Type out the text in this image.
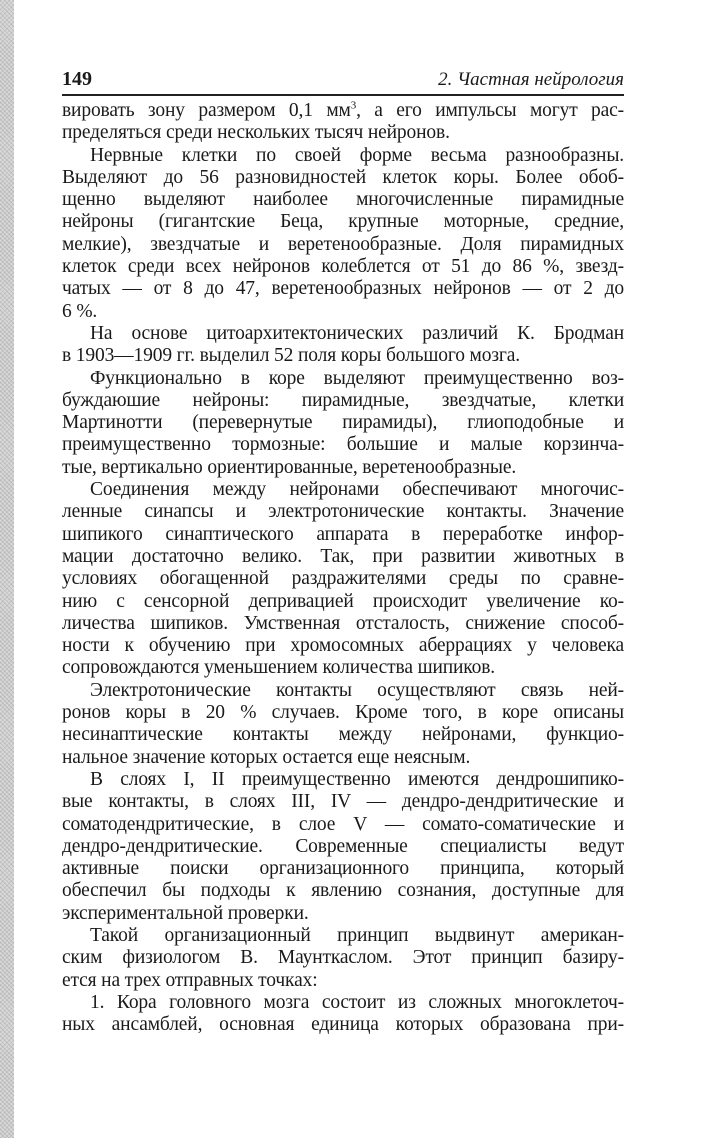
149	2. Частная нейрология
вировать зону размером 0,1 $мм^3$, а его импульсы могут рас-
пределяться среди нескольких тысяч нейронов.
Нервные клетки по своей форме весьма разнообразны.
Выделяют до 56 разновидностей клеток коры. Более обоб-
щенно выделяют наиболее многочисленные пирамидные
нейроны (гигантские Беца, крупные моторные, средние,
мелкие), звездчатые и веретенообразные. Доля пирамидных
клеток среди всех нейронов колеблется от 51 до 86 %, звезд-
чатых — от 8 до 47, веретенообразных нейронов — от 2 до
6 %.
На основе цитоархитектонических различий К. Бродман
в 1903—1909 гг. выделил 52 поля коры большого мозга.
Функционально в коре выделяют преимущественно воз-
буждаюшие нейроны: пирамидные, звездчатые, клетки
Мартинотти (перевернутые пирамиды), глиоподобные и
преимущественно тормозные: большие и малые корзинча-
тые, вертикально ориентированные, веретенообразные.
Соединения между нейронами обеспечивают многочис-
ленные синапсы и электротонические контакты. Значение
шипикого синаптического аппарата в переработке инфор-
мации достаточно велико. Так, при развитии животных в
условиях обогащенной раздражителями среды по сравне-
нию с сенсорной депривацией происходит увеличение ко-
личества шипиков. Умственная отсталость, снижение способ-
ности к обучению при хромосомных аберрациях у человека
сопровождаются уменьшением количества шипиков.
Электротонические контакты осуществляют связь ней-
ронов коры в 20 % случаев. Кроме того, в коре описаны
несинаптические контакты между нейронами, функцио-
нальное значение которых остается еще неясным.
В слоях I, II преимущественно имеются дендрошипико-
вые контакты, в слоях III, IV — дендро-дендритические и
соматодендритические, в слое V — сомато-соматические и
дендро-дендритические. Современные специалисты ведут
активные поиски организационного принципа, который
обеспечил бы подходы к явлению сознания, доступные для
экспериментальной проверки.
Такой организационный принцип выдвинут американ-
ским физиологом В. Маунткаслом. Этот принцип базиру-
ется на трех отправных точках:
1. Кора головного мозга состоит из сложных многоклеточ-
ных ансамблей, основная единица которых образована при-
